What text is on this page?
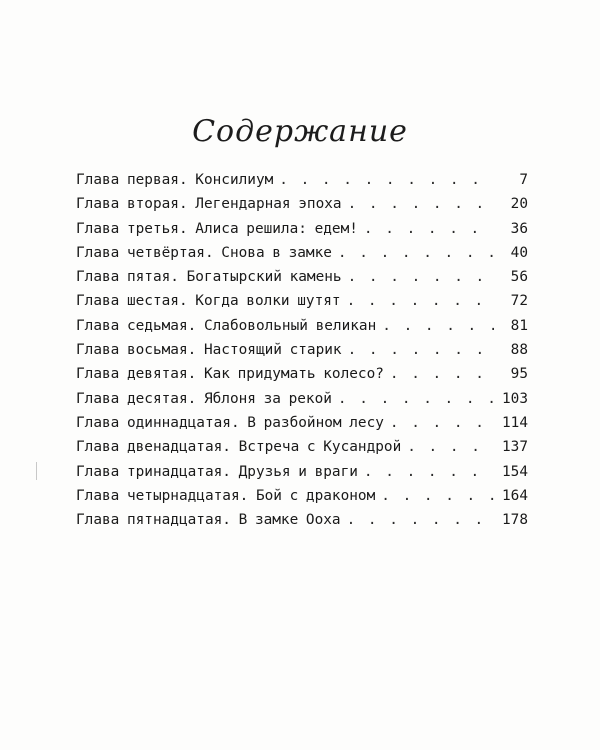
Содержание
Глава первая. Консилиум . . .	7
Глава вторая. Легендарная эпоха . . .	20
Глава третья. Алиса решила: едем! . . .	36
Глава четвёртая. Снова в замке . . .	40
Глава пятая. Богатырский камень . . .	56
Глава шестая. Когда волки шутят . . .	72
Глава седьмая. Слабовольный великан . . .	81
Глава восьмая. Настоящий старик . . .	88
Глава девятая. Как придумать колесо? . . .	95
Глава десятая. Яблоня за рекой . . .	103
Глава одиннадцатая. В разбойном лесу . . .	114
Глава двенадцатая. Встреча с Кусандрой . . .	137
Глава тринадцатая. Друзья и враги . . .	154
Глава четырнадцатая. Бой с драконом . . .	164
Глава пятнадцатая. В замке Ооха . . .	178
